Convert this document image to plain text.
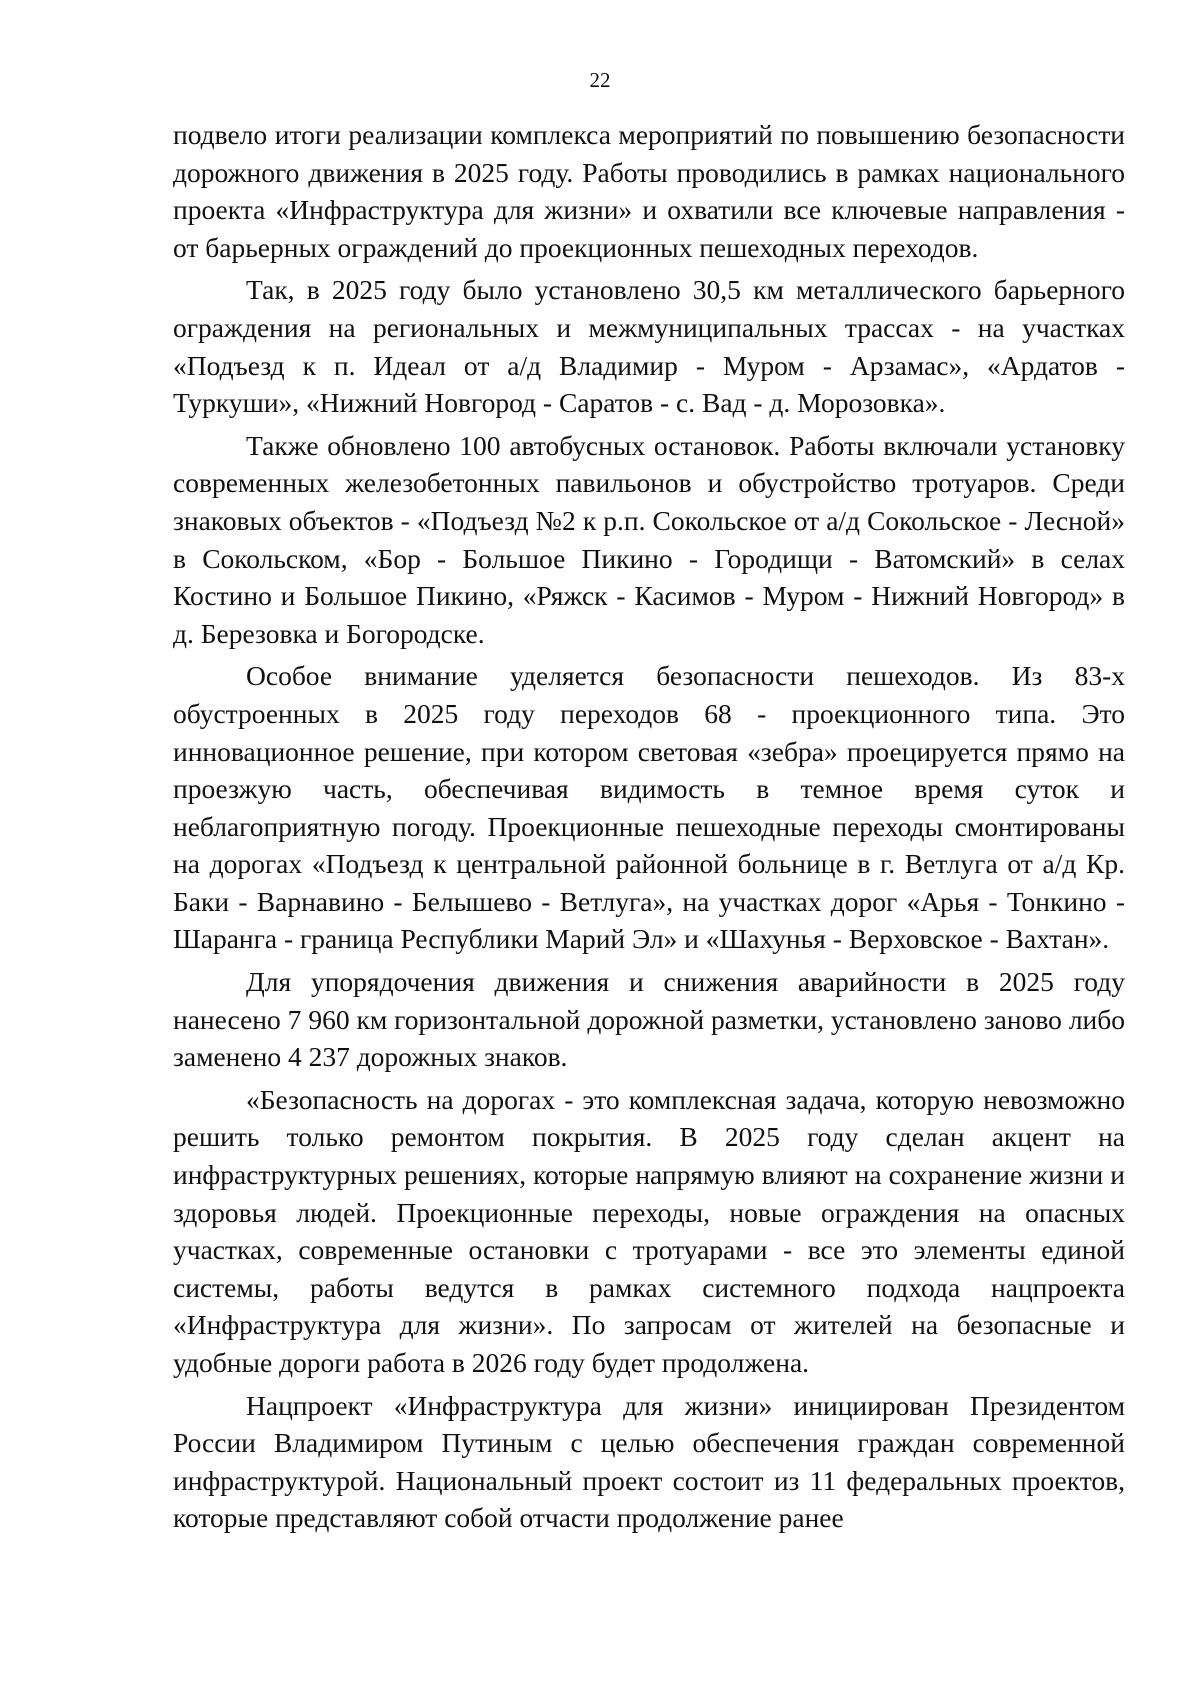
22

подвело итоги реализации комплекса мероприятий по повышению безопасности дорожного движения в 2025 году. Работы проводились в рамках национального проекта «Инфраструктура для жизни» и охватили все ключевые направления - от барьерных ограждений до проекционных пешеходных переходов.

Так, в 2025 году было установлено 30,5 км металлического барьерного ограждения на региональных и межмуниципальных трассах - на участках «Подъезд к п. Идеал от а/д Владимир - Муром - Арзамас», «Ардатов - Туркуши», «Нижний Новгород - Саратов - с. Вад - д. Морозовка».

Также обновлено 100 автобусных остановок. Работы включали установку современных железобетонных павильонов и обустройство тротуаров. Среди знаковых объектов - «Подъезд №2 к р.п. Сокольское от а/д Сокольское - Лесной» в Сокольском, «Бор - Большое Пикино - Городищи - Ватомский» в селах Костино и Большое Пикино, «Ряжск - Касимов - Муром - Нижний Новгород» в д. Березовка и Богородске.

Особое внимание уделяется безопасности пешеходов. Из 83-х обустроенных в 2025 году переходов 68 - проекционного типа. Это инновационное решение, при котором световая «зебра» проецируется прямо на проезжую часть, обеспечивая видимость в темное время суток и неблагоприятную погоду. Проекционные пешеходные переходы смонтированы на дорогах «Подъезд к центральной районной больнице в г. Ветлуга от а/д Кр. Баки - Варнавино - Белышево - Ветлуга», на участках дорог «Арья - Тонкино - Шаранга - граница Республики Марий Эл» и «Шахунья - Верховское - Вахтан».

Для упорядочения движения и снижения аварийности в 2025 году нанесено 7 960 км горизонтальной дорожной разметки, установлено заново либо заменено 4 237 дорожных знаков.

«Безопасность на дорогах - это комплексная задача, которую невозможно решить только ремонтом покрытия. В 2025 году сделан акцент на инфраструктурных решениях, которые напрямую влияют на сохранение жизни и здоровья людей. Проекционные переходы, новые ограждения на опасных участках, современные остановки с тротуарами - все это элементы единой системы, работы ведутся в рамках системного подхода нацпроекта «Инфраструктура для жизни». По запросам от жителей на безопасные и удобные дороги работа в 2026 году будет продолжена.

Нацпроект «Инфраструктура для жизни» инициирован Президентом России Владимиром Путиным с целью обеспечения граждан современной инфраструктурой. Национальный проект состоит из 11 федеральных проектов, которые представляют собой отчасти продолжение ранее
